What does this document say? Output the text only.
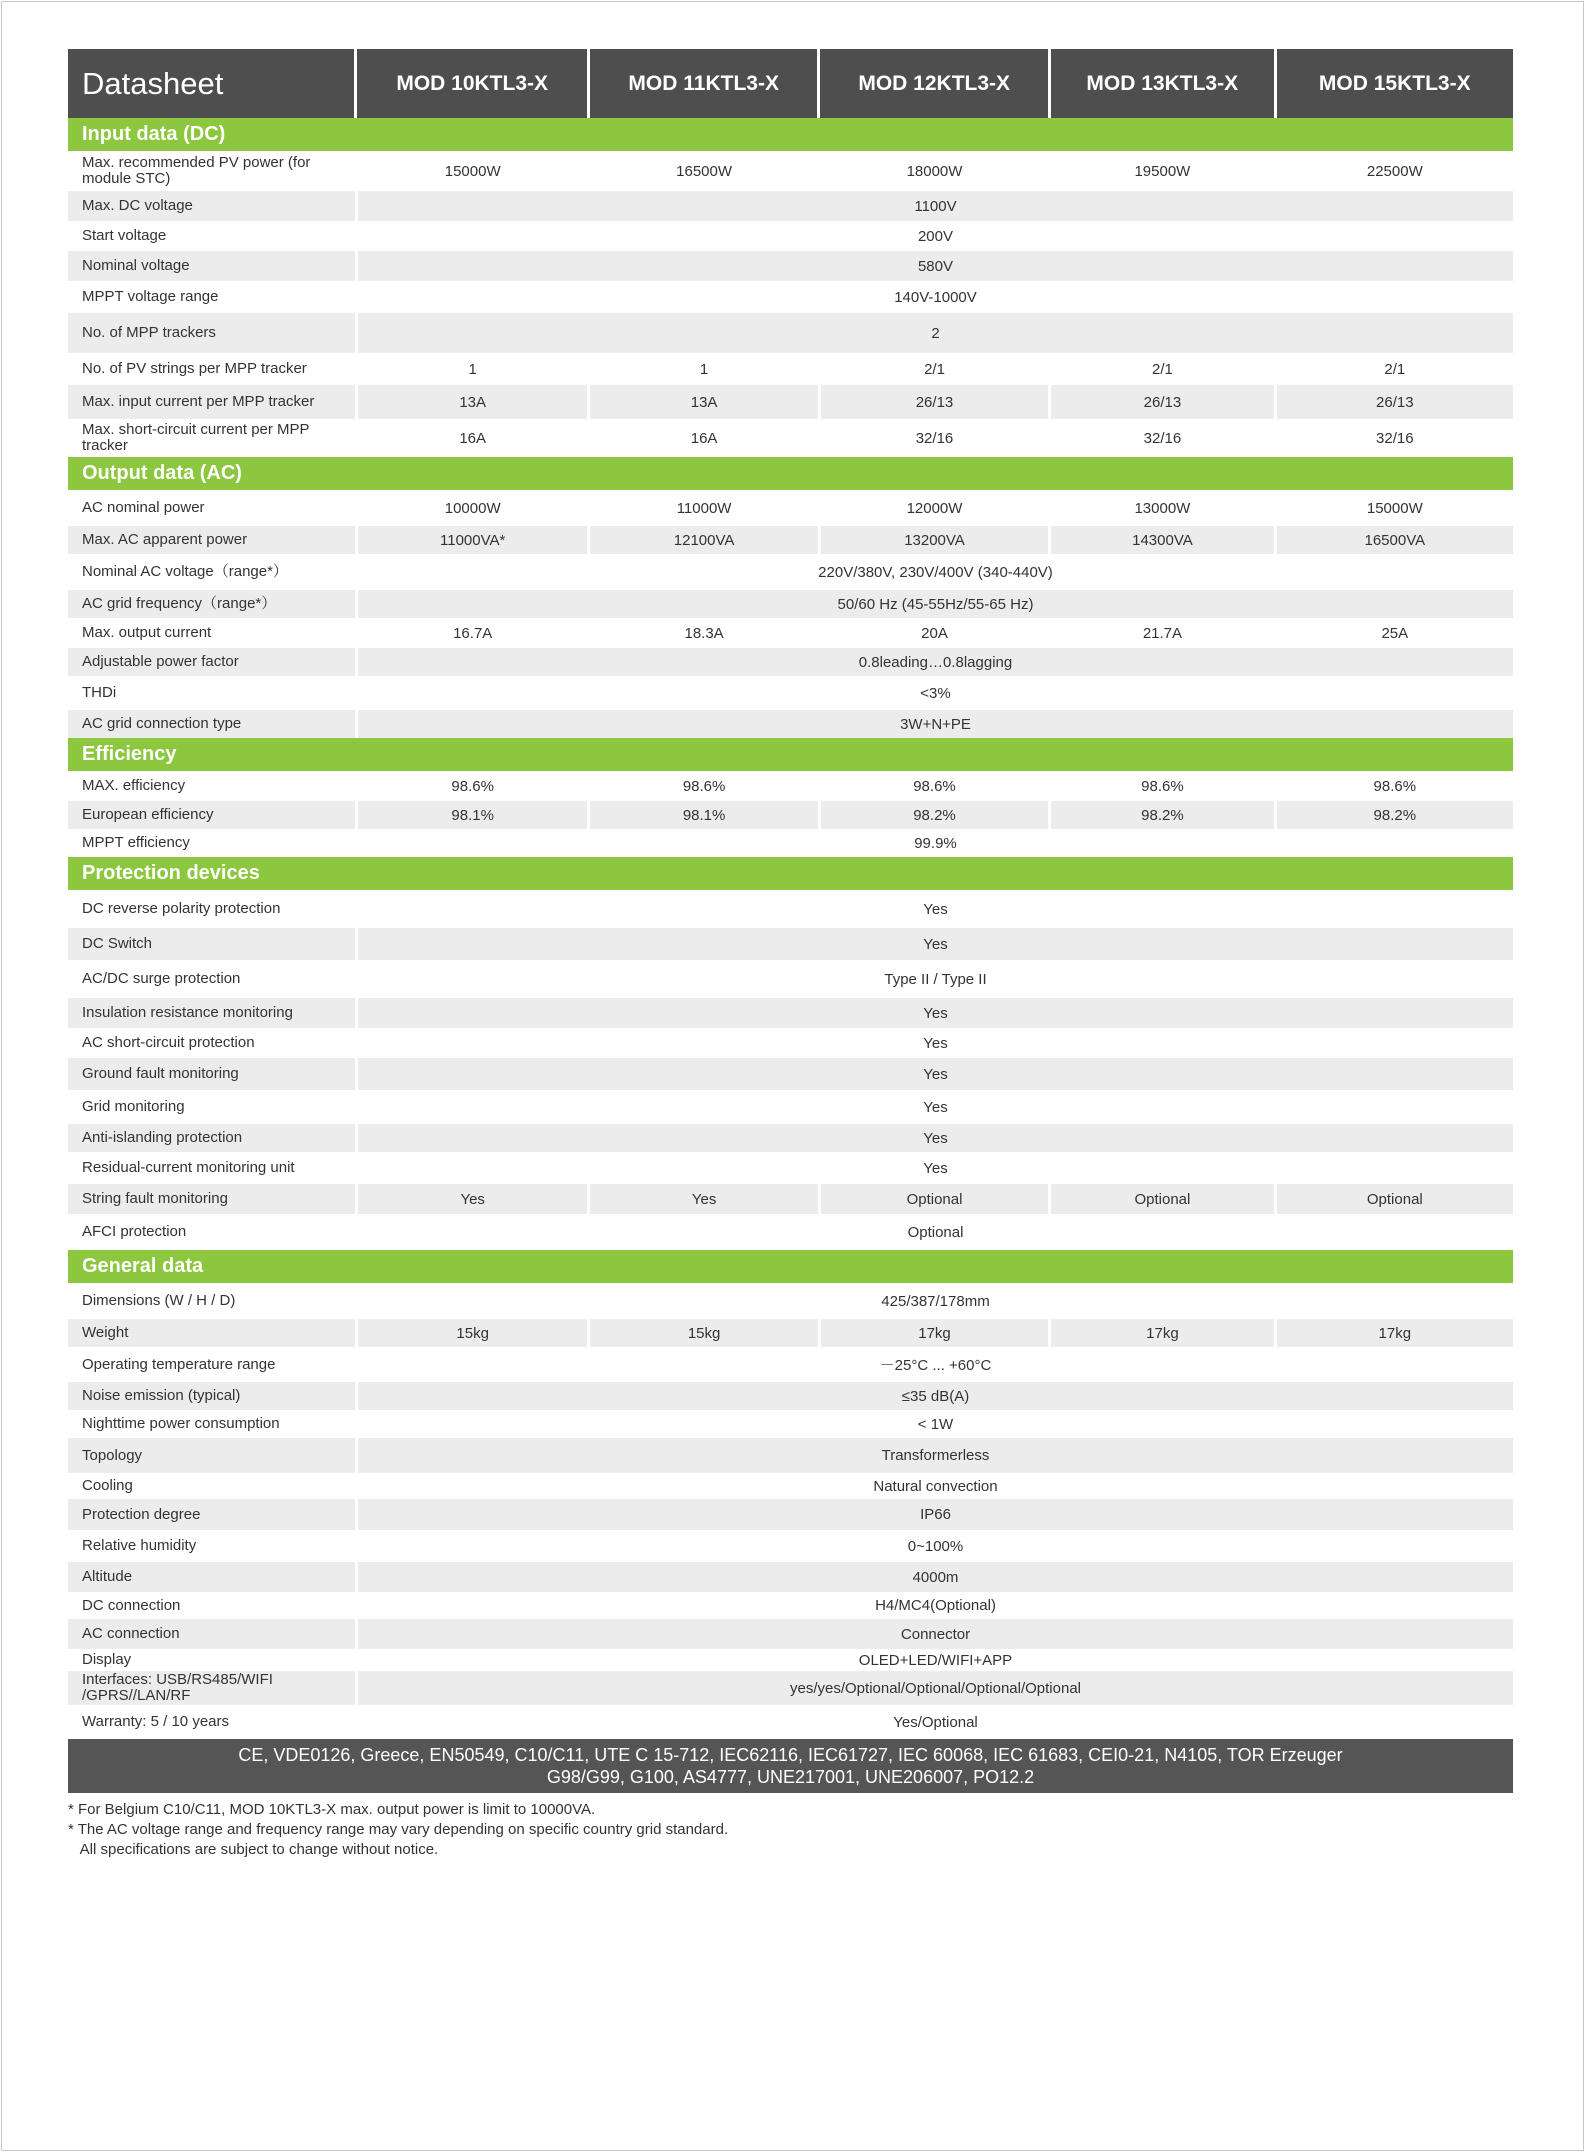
Datasheet	MOD 10KTL3-X	MOD 11KTL3-X	MOD 12KTL3-X	MOD 13KTL3-X	MOD 15KTL3-X
Input data (DC)
Max. recommended PV power (for module STC)	15000W	16500W	18000W	19500W	22500W
Max. DC voltage	1100V
Start voltage	200V
Nominal voltage	580V
MPPT voltage range	140V-1000V
No. of MPP trackers	2
No. of PV strings per MPP tracker	1	1	2/1	2/1	2/1
Max. input current per MPP tracker	13A	13A	26/13	26/13	26/13
Max. short-circuit current per MPP tracker	16A	16A	32/16	32/16	32/16
Output data (AC)
AC nominal power	10000W	11000W	12000W	13000W	15000W
Max. AC apparent power	11000VA*	12100VA	13200VA	14300VA	16500VA
Nominal AC voltage（range*）	220V/380V, 230V/400V (340-440V)
AC grid frequency（range*）	50/60 Hz (45-55Hz/55-65 Hz)
Max. output current	16.7A	18.3A	20A	21.7A	25A
Adjustable power factor	0.8leading…0.8lagging
THDi	<3%
AC grid connection type	3W+N+PE
Efficiency
MAX. efficiency	98.6%	98.6%	98.6%	98.6%	98.6%
European efficiency	98.1%	98.1%	98.2%	98.2%	98.2%
MPPT efficiency	99.9%
Protection devices
DC reverse polarity protection	Yes
DC Switch	Yes
AC/DC surge protection	Type II / Type II
Insulation resistance monitoring	Yes
AC short-circuit protection	Yes
Ground fault monitoring	Yes
Grid monitoring	Yes
Anti-islanding protection	Yes
Residual-current monitoring unit	Yes
String fault monitoring	Yes	Yes	Optional	Optional	Optional
AFCI protection	Optional
General data
Dimensions (W / H / D)	425/387/178mm
Weight	15kg	15kg	17kg	17kg	17kg
Operating temperature range	－25°C ... +60°C
Noise emission (typical)	≤35 dB(A)
Nighttime power consumption	< 1W
Topology	Transformerless
Cooling	Natural convection
Protection degree	IP66
Relative humidity	0~100%
Altitude	4000m
DC connection	H4/MC4(Optional)
AC connection	Connector
Display	OLED+LED/WIFI+APP
Interfaces: USB/RS485/WIFI /GPRS//LAN/RF	yes/yes/Optional/Optional/Optional/Optional
Warranty: 5 / 10 years	Yes/Optional
CE, VDE0126, Greece, EN50549, C10/C11, UTE C 15-712, IEC62116, IEC61727, IEC 60068, IEC 61683, CEI0-21, N4105, TOR Erzeuger
G98/G99, G100, AS4777, UNE217001, UNE206007, PO12.2
* For Belgium C10/C11, MOD 10KTL3-X max. output power is limit to 10000VA.
* The AC voltage range and frequency range may vary depending on specific country grid standard.
All specifications are subject to change without notice.
